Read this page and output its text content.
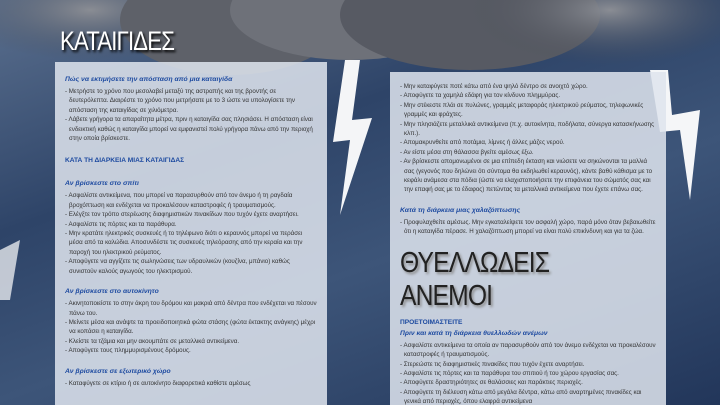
ΚΑΤΑΙΓΙΔΕΣ
Πώς να εκτιμήσετε την απόσταση από μια καταιγίδα
- Μετρήστε το χρόνο που μεσολαβεί μεταξύ της αστραπής και της βροντής σε δευτερόλεπτα. Διαιρέστε το χρόνο που μετρήσατε με το 3 ώστε να υπολογίσετε την απόσταση της καταιγίδας σε χιλιόμετρα.
- Λάβετε γρήγορα τα απαραίτητα μέτρα, πριν η καταιγίδα σας πλησιάσει. Η απόσταση είναι ενδεικτική καθώς η καταιγίδα μπορεί να εμφανιστεί πολύ γρήγορα πάνω από την περιοχή στην οποία βρίσκεστε.
ΚΑΤΑ ΤΗ ΔΙΑΡΚΕΙΑ ΜΙΑΣ ΚΑΤΑΙΓΙΔΑΣ
Αν βρίσκεστε στο σπίτι
- Ασφαλίστε αντικείμενα, που μπορεί να παρασυρθούν από τον άνεμο ή τη ραγδαία βροχόπτωση και ενδέχεται να προκαλέσουν καταστροφές ή τραυματισμούς.
- Ελέγξτε τον τρόπο στερέωσης διαφημιστικών πινακίδων που τυχόν έχετε αναρτήσει.
- Ασφαλίστε τις πόρτες και τα παράθυρα.
- Μην κρατάτε ηλεκτρικές συσκευές ή το τηλέφωνο διότι ο κεραυνός μπορεί να περάσει μέσα από τα καλώδια. Αποσυνδέστε τις συσκευές τηλεόρασης από την κεραία και την παροχή του ηλεκτρικού ρεύματος.
- Αποφύγετε να αγγίζετε τις σωληνώσεις των υδραυλικών (κουζίνα, μπάνιο) καθώς συνιστούν καλούς αγωγούς του ηλεκτρισμού.
Αν βρίσκεστε στο αυτοκίνητο
- Ακινητοποιείστε το στην άκρη του δρόμου και μακριά από δέντρα που ενδέχεται να πέσουν πάνω του.
- Μείνετε μέσα και ανάψτε τα προειδοποιητικά φώτα στάσης (φώτα έκτακτης ανάγκης) μέχρι να κοπάσει η καταιγίδα.
- Κλείστε τα τζάμια και μην ακουμπάτε σε μεταλλικά αντικείμενα.
- Αποφύγετε τους πλημμυρισμένους δρόμους.
Αν βρίσκεστε σε εξωτερικό χώρο
- Καταφύγετε σε κτίριο ή σε αυτοκίνητο διαφορετικά καθίστε αμέσως
- Μην καταφύγετε ποτέ κάτω από ένα ψηλό δέντρο σε ανοιχτό χώρο.
- Αποφύγετε τα χαμηλά εδάφη για τον κίνδυνο πλημμύρας.
- Μην στέκεστε πλάι σε πυλώνες, γραμμές μεταφοράς ηλεκτρικού ρεύματος, τηλεφωνικές γραμμές και φράχτες.
- Μην πλησιάζετε μεταλλικά αντικείμενα (π.χ. αυτοκίνητα, ποδήλατα, σύνεργα κατασκήνωσης κλπ.).
- Απομακρυνθείτε από ποτάμια, λίμνες ή άλλες μάζες νερού.
- Αν είστε μέσα στη θάλασσα βγείτε αμέσως έξω.
- Αν βρίσκεστε απομονωμένοι σε μια επίπεδη έκταση και νιώσετε να σηκώνονται τα μαλλιά σας (γεγονός που δηλώνει ότι σύντομα θα εκδηλωθεί κεραυνός), κάντε βαθύ κάθισμα με το κεφάλι ανάμεσα στα πόδια (ώστε να ελαχιστοποιήσετε την επιφάνεια του σώματός σας και την επαφή σας με το έδαφος) πετώντας τα μεταλλικά αντικείμενα που έχετε επάνω σας.
Κατά τη διάρκεια μιας χαλαζόπτωσης
- Προφυλαχθείτε αμέσως. Μην εγκαταλείψετε τον ασφαλή χώρο, παρά μόνο όταν βεβαιωθείτε ότι η καταιγίδα πέρασε. Η χαλαζόπτωση μπορεί να είναι πολύ επικίνδυνη και για τα ζώα.
ΘΥΕΛΛΩΔΕΙΣ ΑΝΕΜΟΙ
ΠΡΟΕΤΟΙΜΑΣΤΕΙΤΕ
Πριν και κατά τη διάρκεια θυελλωδών ανέμων
- Ασφαλίστε αντικείμενα τα οποία αν παρασυρθούν από τον άνεμο ενδέχεται να προκαλέσουν καταστροφές ή τραυματισμούς.
- Στερεώστε τις διαφημιστικές πινακίδες που τυχόν έχετε αναρτήσει.
- Ασφαλίστε τις πόρτες και τα παράθυρα του σπιτιού ή του χώρου εργασίας σας.
- Αποφύγετε δραστηριότητες σε θαλάσσιες και παράκτιες περιοχές.
- Αποφύγετε τη διέλευση κάτω από μεγάλα δέντρα, κάτω από αναρτημένες πινακίδες και γενικά από περιοχές, όπου ελαφρά αντικείμενα
